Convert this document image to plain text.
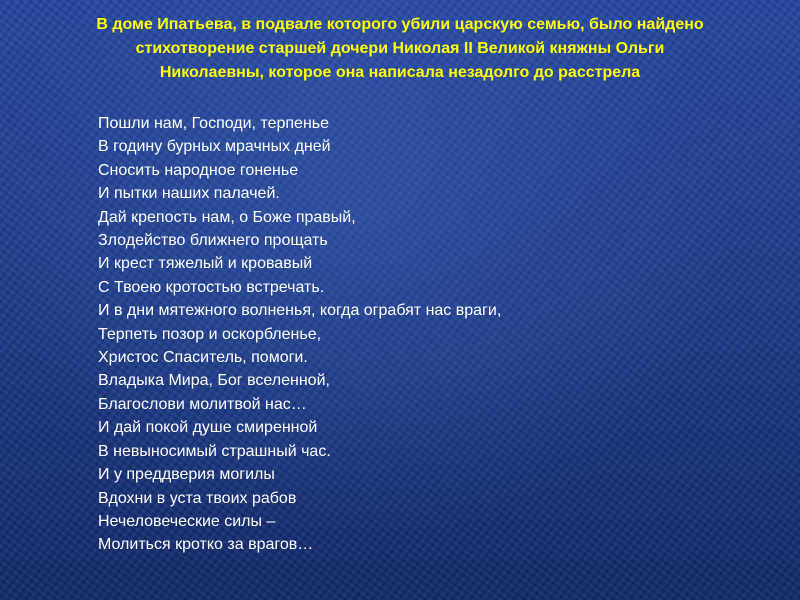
В доме Ипатьева, в подвале которого убили царскую семью, было найдено
стихотворение старшей дочери Николая II Великой княжны Ольги
Николаевны, которое она написала незадолго до расстрела
Пошли нам, Господи, терпенье
В годину бурных мрачных дней
Сносить народное гоненье
И пытки наших палачей.
Дай крепость нам, о Боже правый,
Злодейство ближнего прощать
И крест тяжелый и кровавый
С Твоею кротостью встречать.
И в дни мятежного волненья, когда ограбят нас враги,
Терпеть позор и оскорбленье,
Христос Спаситель, помоги.
Владыка Мира, Бог вселенной,
Благослови молитвой нас…
И дай покой душе смиренной
В невыносимый страшный час.
И у преддверия могилы
Вдохни в уста твоих рабов
Нечеловеческие силы –
Молиться кротко за врагов…
